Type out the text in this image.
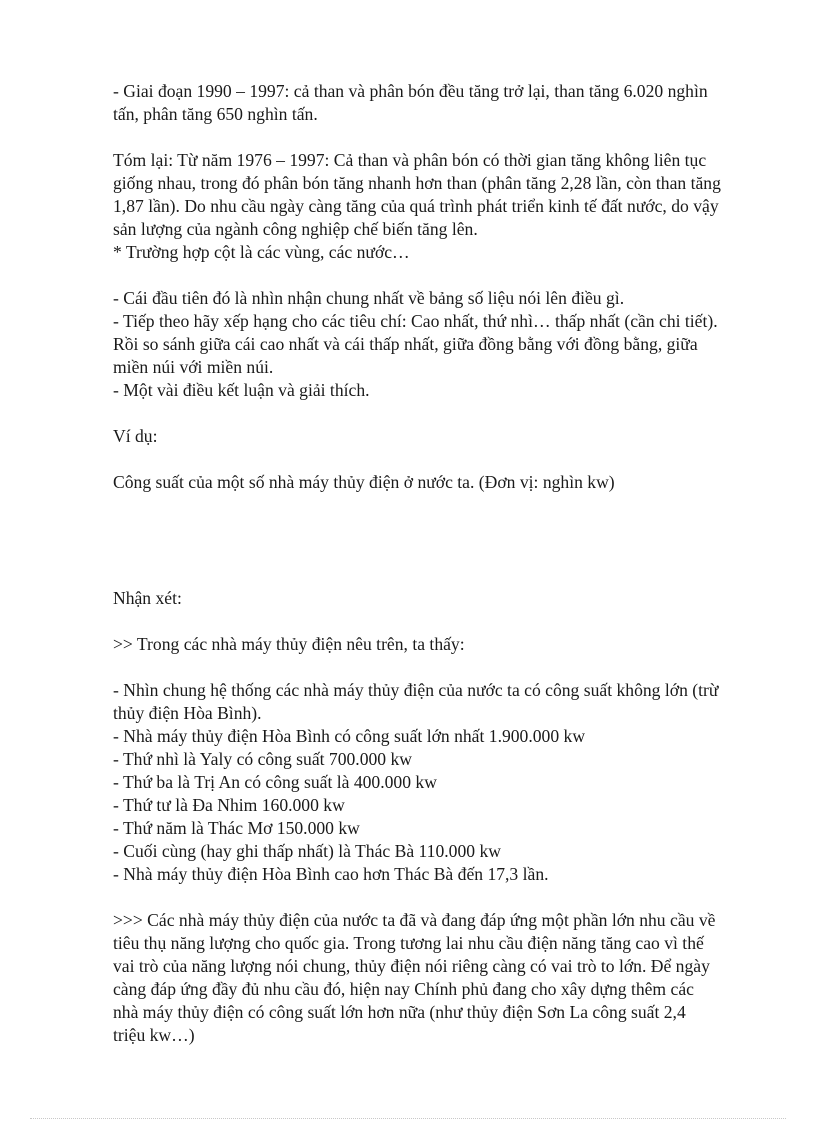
- Giai đoạn 1990 – 1997: cả than và phân bón đều tăng trở lại, than tăng 6.020 nghìn
tấn, phân tăng 650 nghìn tấn.

Tóm lại: Từ năm 1976 – 1997: Cả than và phân bón có thời gian tăng không liên tục
giống nhau, trong đó phân bón tăng nhanh hơn than (phân tăng 2,28 lần, còn than tăng
1,87 lần). Do nhu cầu ngày càng tăng của quá trình phát triển kinh tế đất nước, do vậy
sản lượng của ngành công nghiệp chế biến tăng lên.
* Trường hợp cột là các vùng, các nước…

- Cái đầu tiên đó là nhìn nhận chung nhất về bảng số liệu nói lên điều gì.
- Tiếp theo hãy xếp hạng cho các tiêu chí: Cao nhất, thứ nhì… thấp nhất (cần chi tiết).
Rồi so sánh giữa cái cao nhất và cái thấp nhất, giữa đồng bằng với đồng bằng, giữa
miền núi với miền núi.
- Một vài điều kết luận và giải thích.

Ví dụ:

Công suất của một số nhà máy thủy điện ở nước ta. (Đơn vị: nghìn kw)

Nhận xét:

>> Trong các nhà máy thủy điện nêu trên, ta thấy:

- Nhìn chung hệ thống các nhà máy thủy điện của nước ta có công suất không lớn (trừ
thủy điện Hòa Bình).
- Nhà máy thủy điện Hòa Bình có công suất lớn nhất 1.900.000 kw
- Thứ nhì là Yaly có công suất 700.000 kw
- Thứ ba là Trị An có công suất là 400.000 kw
- Thứ tư là Đa Nhim 160.000 kw
- Thứ năm là Thác Mơ 150.000 kw
- Cuối cùng (hay ghi thấp nhất) là Thác Bà 110.000 kw
- Nhà máy thủy điện Hòa Bình cao hơn Thác Bà đến 17,3 lần.

>>> Các nhà máy thủy điện của nước ta đã và đang đáp ứng một phần lớn nhu cầu về
tiêu thụ năng lượng cho quốc gia. Trong tương lai nhu cầu điện năng tăng cao vì thế
vai trò của năng lượng nói chung, thủy điện nói riêng càng có vai trò to lớn. Để ngày
càng đáp ứng đầy đủ nhu cầu đó, hiện nay Chính phủ đang cho xây dựng thêm các
nhà máy thủy điện có công suất lớn hơn nữa (như thủy điện Sơn La công suất 2,4
triệu kw…)
